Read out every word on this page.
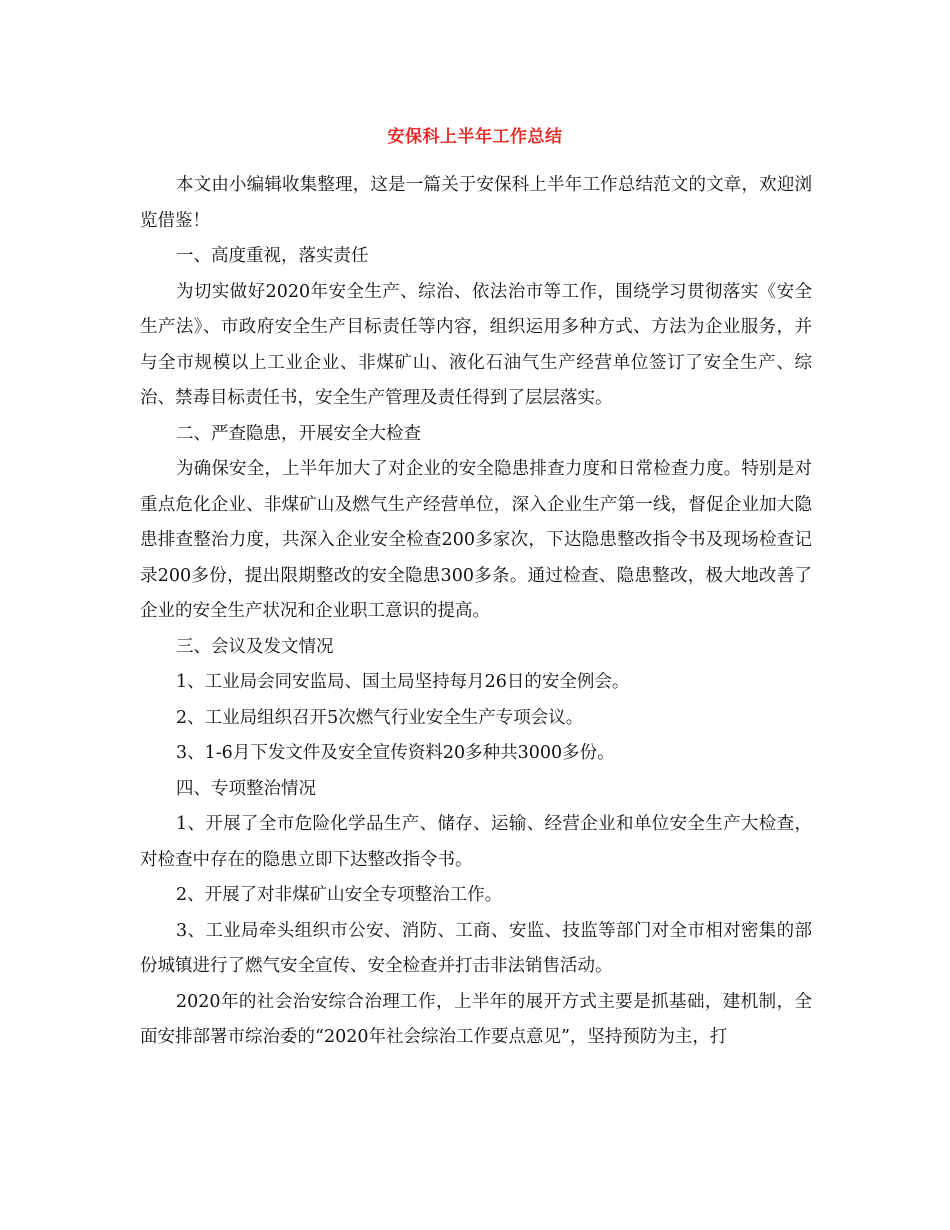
安保科上半年工作总结

本文由小编辑收集整理，这是一篇关于安保科上半年工作总结范文的文章，欢迎浏览借鉴！

一、高度重视，落实责任

为切实做好2020年安全生产、综治、依法治市等工作，围绕学习贯彻落实《安全生产法》、市政府安全生产目标责任等内容，组织运用多种方式、方法为企业服务，并与全市规模以上工业企业、非煤矿山、液化石油气生产经营单位签订了安全生产、综治、禁毒目标责任书，安全生产管理及责任得到了层层落实。

二、严查隐患，开展安全大检查

为确保安全，上半年加大了对企业的安全隐患排查力度和日常检查力度。特别是对重点危化企业、非煤矿山及燃气生产经营单位，深入企业生产第一线，督促企业加大隐患排查整治力度，共深入企业安全检查200多家次，下达隐患整改指令书及现场检查记录200多份，提出限期整改的安全隐患300多条。通过检查、隐患整改，极大地改善了企业的安全生产状况和企业职工意识的提高。

三、会议及发文情况

1、工业局会同安监局、国土局坚持每月26日的安全例会。

2、工业局组织召开5次燃气行业安全生产专项会议。

3、1-6月下发文件及安全宣传资料20多种共3000多份。

四、专项整治情况

1、开展了全市危险化学品生产、储存、运输、经营企业和单位安全生产大检查，对检查中存在的隐患立即下达整改指令书。

2、开展了对非煤矿山安全专项整治工作。

3、工业局牵头组织市公安、消防、工商、安监、技监等部门对全市相对密集的部份城镇进行了燃气安全宣传、安全检查并打击非法销售活动。

2020年的社会治安综合治理工作，上半年的展开方式主要是抓基础，建机制，全面安排部署市综治委的“2020年社会综治工作要点意见”，坚持预防为主，打
